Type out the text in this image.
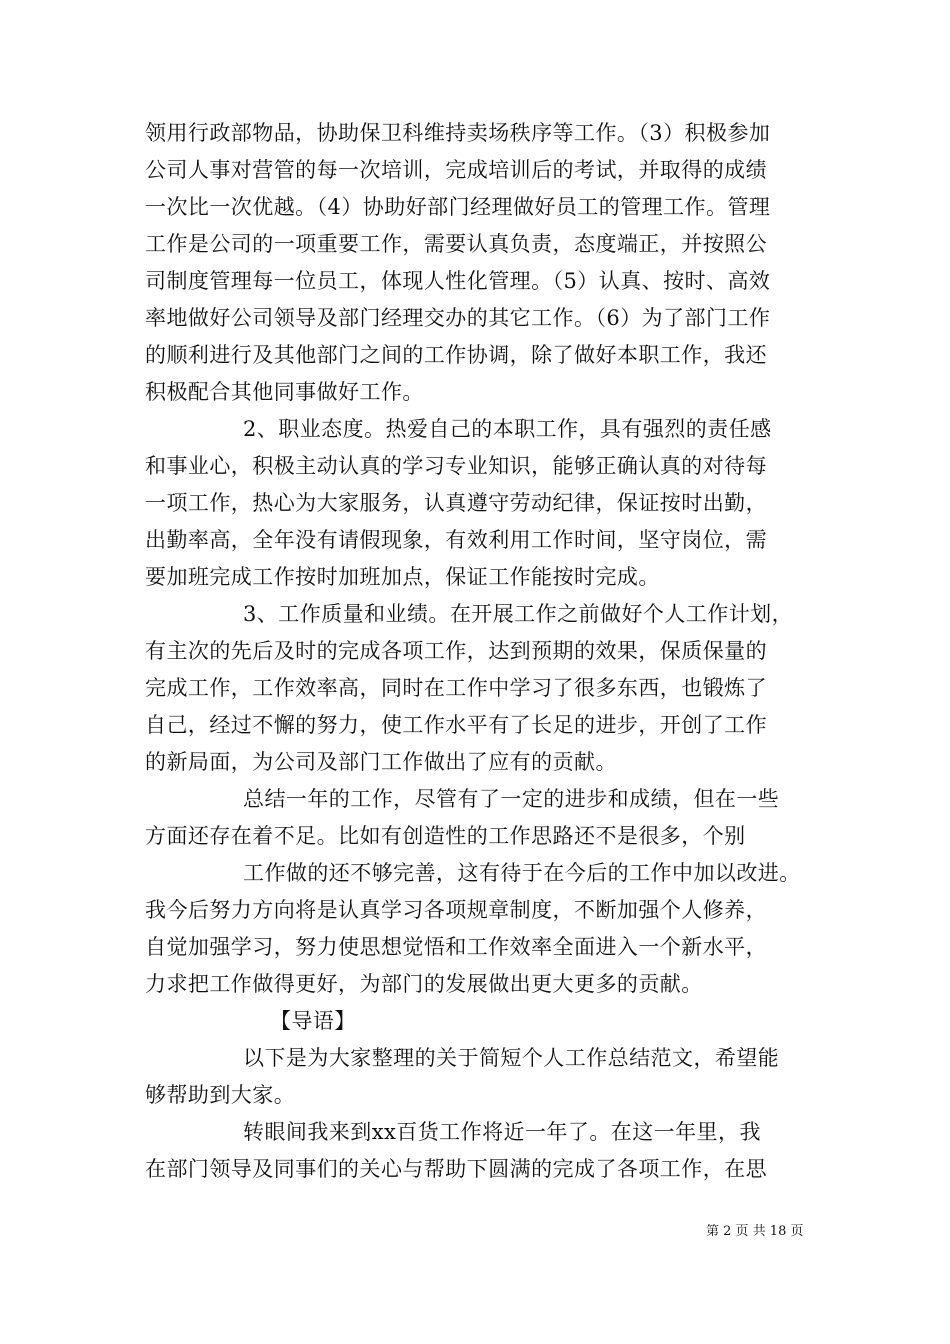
领用行政部物品，协助保卫科维持卖场秩序等工作。（3）积极参加
公司人事对营管的每一次培训，完成培训后的考试，并取得的成绩
一次比一次优越。（4）协助好部门经理做好员工的管理工作。管理
工作是公司的一项重要工作，需要认真负责，态度端正，并按照公
司制度管理每一位员工，体现人性化管理。（5）认真、按时、高效
率地做好公司领导及部门经理交办的其它工作。（6）为了部门工作
的顺利进行及其他部门之间的工作协调，除了做好本职工作，我还
积极配合其他同事做好工作。
2、职业态度。热爱自己的本职工作，具有强烈的责任感
和事业心，积极主动认真的学习专业知识，能够正确认真的对待每
一项工作，热心为大家服务，认真遵守劳动纪律，保证按时出勤，
出勤率高，全年没有请假现象，有效利用工作时间，坚守岗位，需
要加班完成工作按时加班加点，保证工作能按时完成。
3、工作质量和业绩。在开展工作之前做好个人工作计划，
有主次的先后及时的完成各项工作，达到预期的效果，保质保量的
完成工作，工作效率高，同时在工作中学习了很多东西，也锻炼了
自己，经过不懈的努力，使工作水平有了长足的进步，开创了工作
的新局面，为公司及部门工作做出了应有的贡献。
总结一年的工作，尽管有了一定的进步和成绩，但在一些
方面还存在着不足。比如有创造性的工作思路还不是很多，个别
工作做的还不够完善，这有待于在今后的工作中加以改进。
我今后努力方向将是认真学习各项规章制度，不断加强个人修养，
自觉加强学习，努力使思想觉悟和工作效率全面进入一个新水平，
力求把工作做得更好，为部门的发展做出更大更多的贡献。
【导语】
以下是为大家整理的关于简短个人工作总结范文，希望能
够帮助到大家。
转眼间我来到xx百货工作将近一年了。在这一年里，我
在部门领导及同事们的关心与帮助下圆满的完成了各项工作，在思
第 2 页 共 18 页
